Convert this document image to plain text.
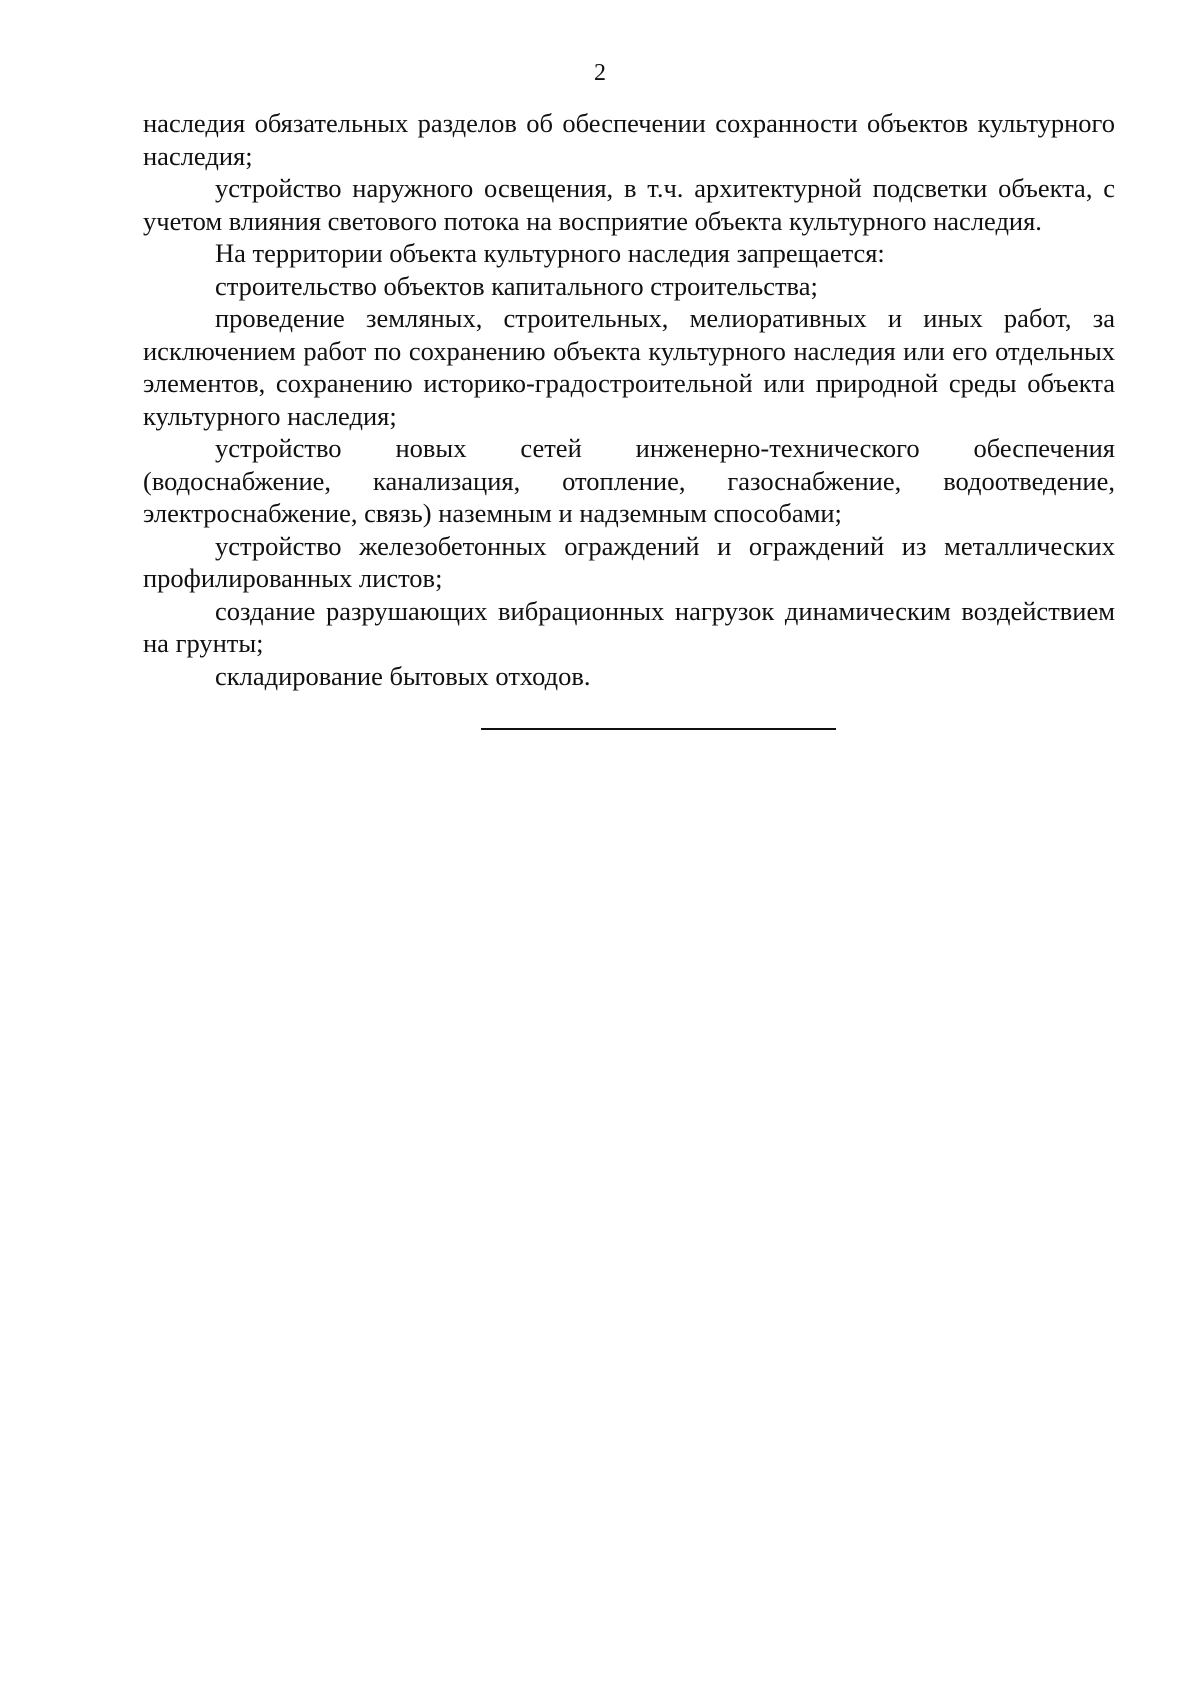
2

наследия обязательных разделов об обеспечении сохранности объектов культурного наследия;

устройство наружного освещения, в т.ч. архитектурной подсветки объекта, с учетом влияния светового потока на восприятие объекта культурного наследия.

На территории объекта культурного наследия запрещается:

строительство объектов капитального строительства;

проведение земляных, строительных, мелиоративных и иных работ, за исключением работ по сохранению объекта культурного наследия или его отдельных элементов, сохранению историко-градостроительной или природной среды объекта культурного наследия;

устройство новых сетей инженерно-технического обеспечения (водоснабжение, канализация, отопление, газоснабжение, водоотведение, электроснабжение, связь) наземным и надземным способами;

устройство железобетонных ограждений и ограждений из металлических профилированных листов;

создание разрушающих вибрационных нагрузок динамическим воздействием на грунты;

складирование бытовых отходов.
